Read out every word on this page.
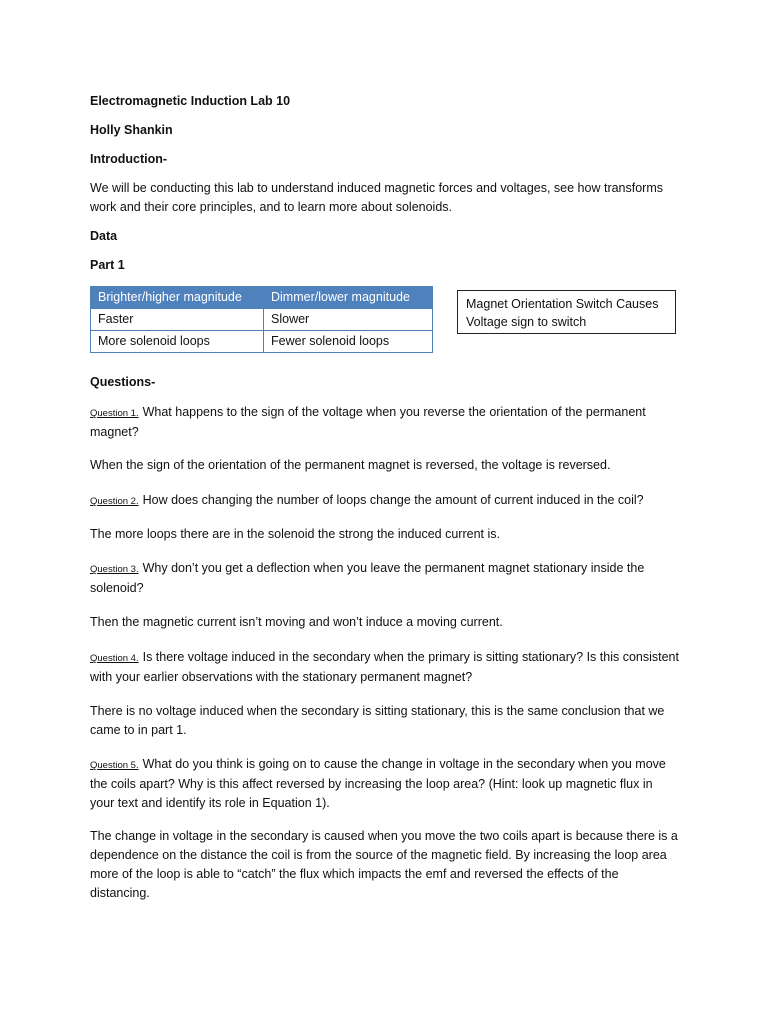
Electromagnetic Induction Lab 10

Holly Shankin

Introduction-

We will be conducting this lab to understand induced magnetic forces and voltages, see how transforms work and their core principles, and to learn more about solenoids.

Data

Part 1

Brighter/higher magnitude	Dimmer/lower magnitude
Faster	Slower
More solenoid loops	Fewer solenoid loops
Magnet Orientation Switch Causes
Voltage sign to switch

Questions-

Question 1. What happens to the sign of the voltage when you reverse the orientation of the permanent magnet?

When the sign of the orientation of the permanent magnet is reversed, the voltage is reversed.

Question 2. How does changing the number of loops change the amount of current induced in the coil?

The more loops there are in the solenoid the strong the induced current is.

Question 3. Why don’t you get a deflection when you leave the permanent magnet stationary inside the solenoid?

Then the magnetic current isn’t moving and won’t induce a moving current.

Question 4. Is there voltage induced in the secondary when the primary is sitting stationary? Is this consistent with your earlier observations with the stationary permanent magnet?

There is no voltage induced when the secondary is sitting stationary, this is the same conclusion that we came to in part 1.

Question 5. What do you think is going on to cause the change in voltage in the secondary when you move the coils apart? Why is this affect reversed by increasing the loop area? (Hint: look up magnetic flux in your text and identify its role in Equation 1).

The change in voltage in the secondary is caused when you move the two coils apart is because there is a dependence on the distance the coil is from the source of the magnetic field. By increasing the loop area more of the loop is able to “catch” the flux which impacts the emf and reversed the effects of the distancing.
